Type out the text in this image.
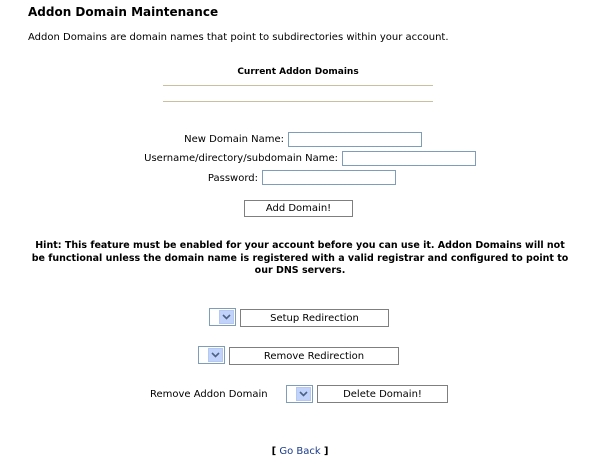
Addon Domain Maintenance
Addon Domains are domain names that point to subdirectories within your account.
Current Addon Domains
New Domain Name:
Username/directory/subdomain Name:
Password:
Add Domain!
Hint: This feature must be enabled for your account before you can use it. Addon Domains will not be functional unless the domain name is registered with a valid registrar and configured to point to our DNS servers.
Setup Redirection
Remove Redirection
Remove Addon Domain	Delete Domain!
[ Go Back ]
